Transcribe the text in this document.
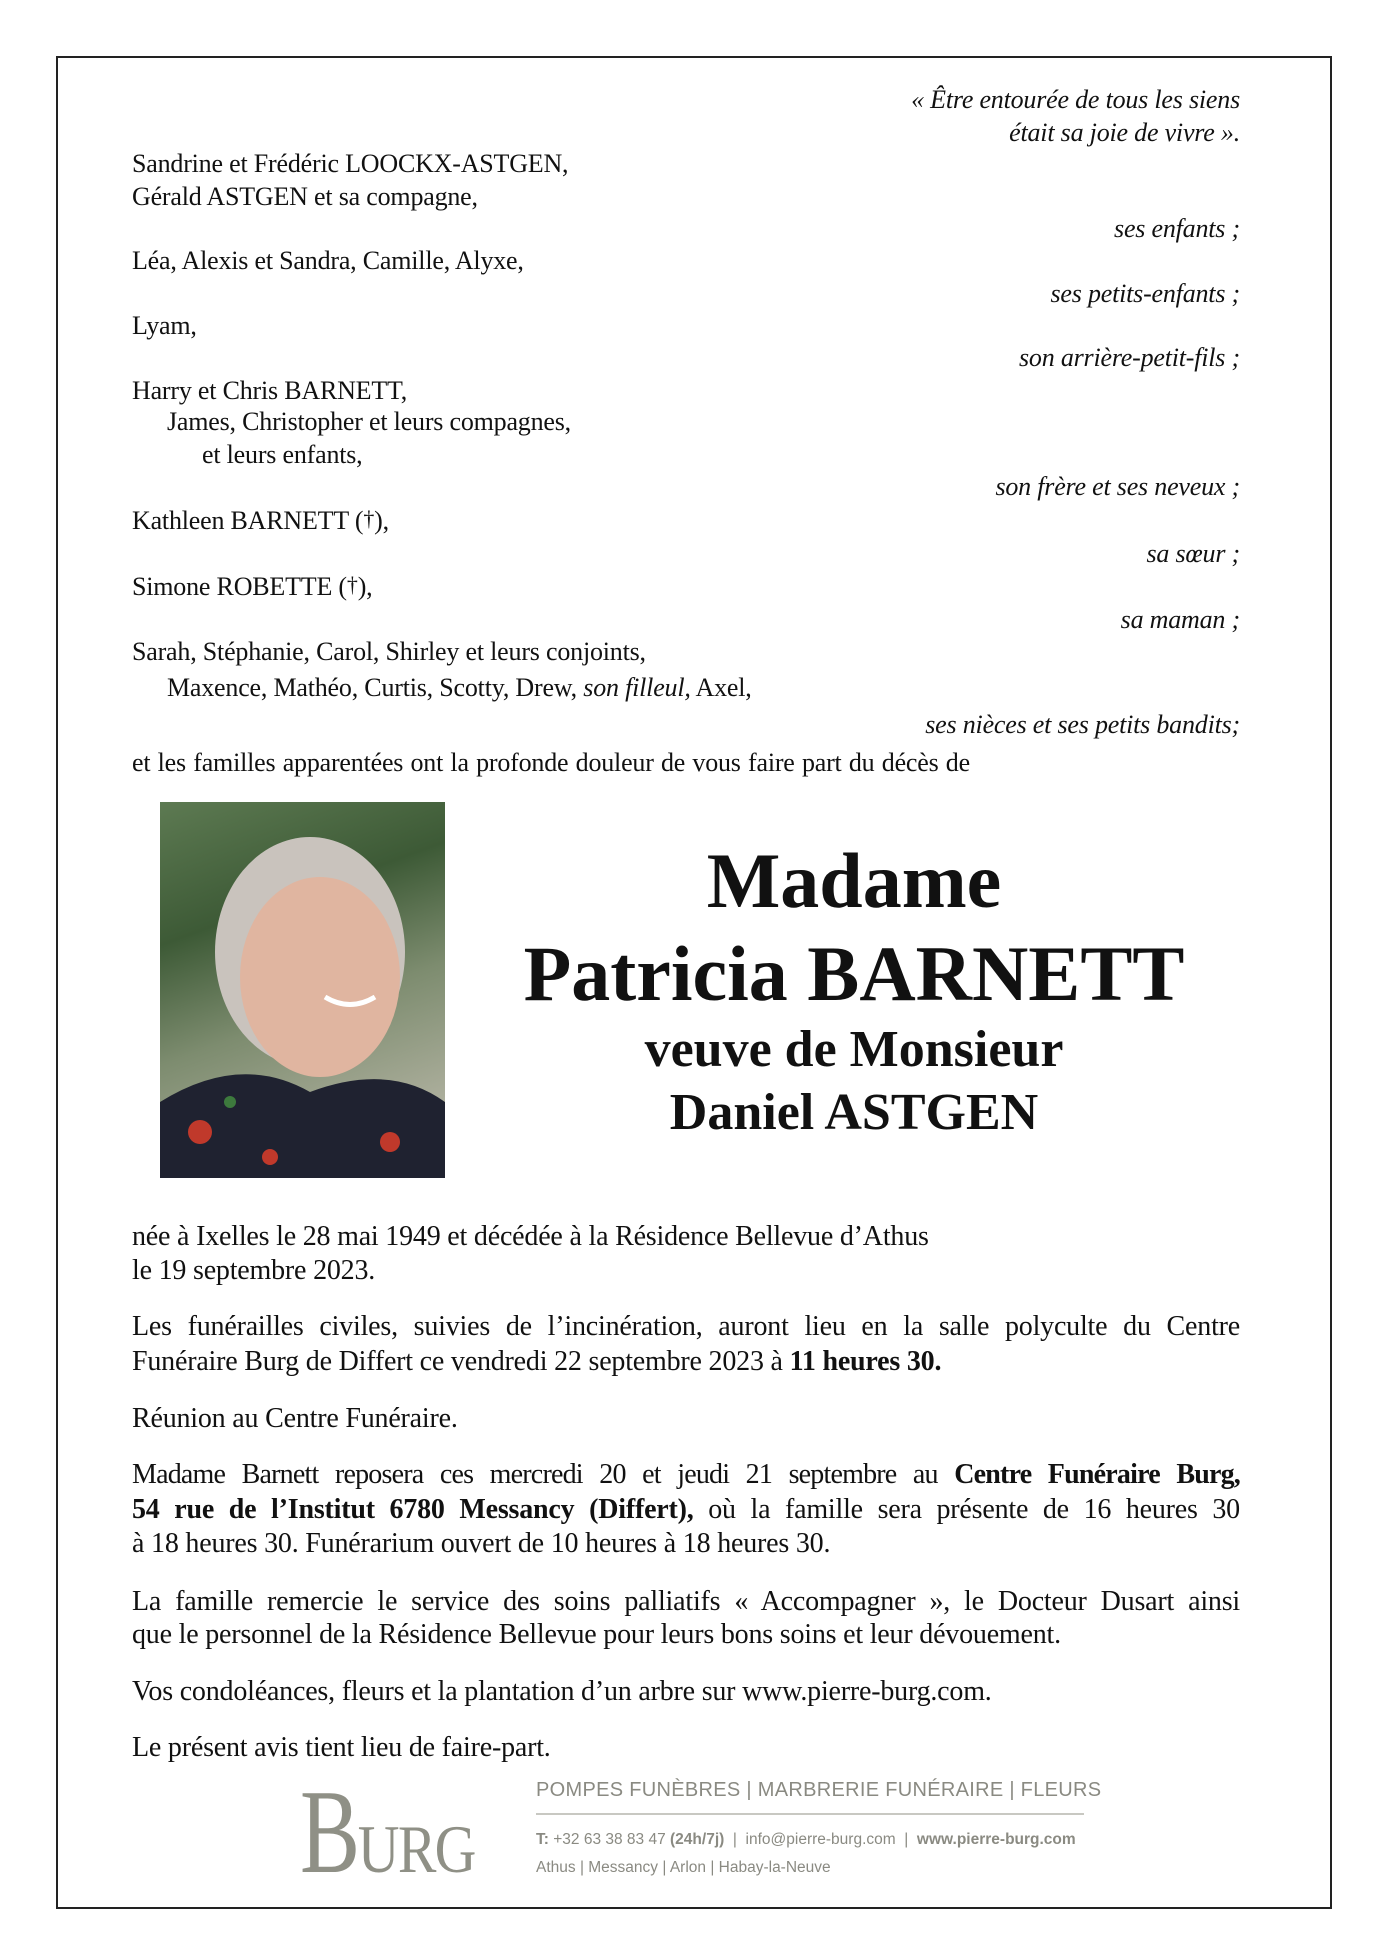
« Être entourée de tous les siens
était sa joie de vivre ».
Sandrine et Frédéric LOOCKX-ASTGEN,
Gérald ASTGEN et sa compagne,
ses enfants ;
Léa, Alexis et Sandra, Camille, Alyxe,
ses petits-enfants ;
Lyam,
son arrière-petit-fils ;
Harry et Chris BARNETT,
James, Christopher et leurs compagnes,
et leurs enfants,
son frère et ses neveux ;
Kathleen BARNETT (†),
sa sœur ;
Simone ROBETTE (†),
sa maman ;
Sarah, Stéphanie, Carol, Shirley et leurs conjoints,
Maxence, Mathéo, Curtis, Scotty, Drew, son filleul, Axel,
ses nièces et ses petits bandits;
et les familles apparentées ont la profonde douleur de vous faire part du décès de
Madame
Patricia BARNETT
veuve de Monsieur
Daniel ASTGEN
née à Ixelles le 28 mai 1949 et décédée à la Résidence Bellevue d’Athus
le 19 septembre 2023.
Les funérailles civiles, suivies de l’incinération, auront lieu en la salle polyculte du Centre
Funéraire Burg de Differt ce vendredi 22 septembre 2023 à 11 heures 30.
Réunion au Centre Funéraire.
Madame Barnett reposera ces mercredi 20 et jeudi 21 septembre au Centre Funéraire Burg,
54 rue de l’Institut 6780 Messancy (Differt), où la famille sera présente de 16 heures 30
à 18 heures 30. Funérarium ouvert de 10 heures à 18 heures 30.
La famille remercie le service des soins palliatifs « Accompagner », le Docteur Dusart ainsi
que le personnel de la Résidence Bellevue pour leurs bons soins et leur dévouement.
Vos condoléances, fleurs et la plantation d’un arbre sur www.pierre-burg.com.
Le présent avis tient lieu de faire-part.
B
URG
POMPES FUNÈBRES | MARBRERIE FUNÉRAIRE | FLEURS
T: +32 63 38 83 47 (24h/7j)  |  info@pierre-burg.com  |  www.pierre-burg.com
Athus | Messancy | Arlon | Habay-la-Neuve
